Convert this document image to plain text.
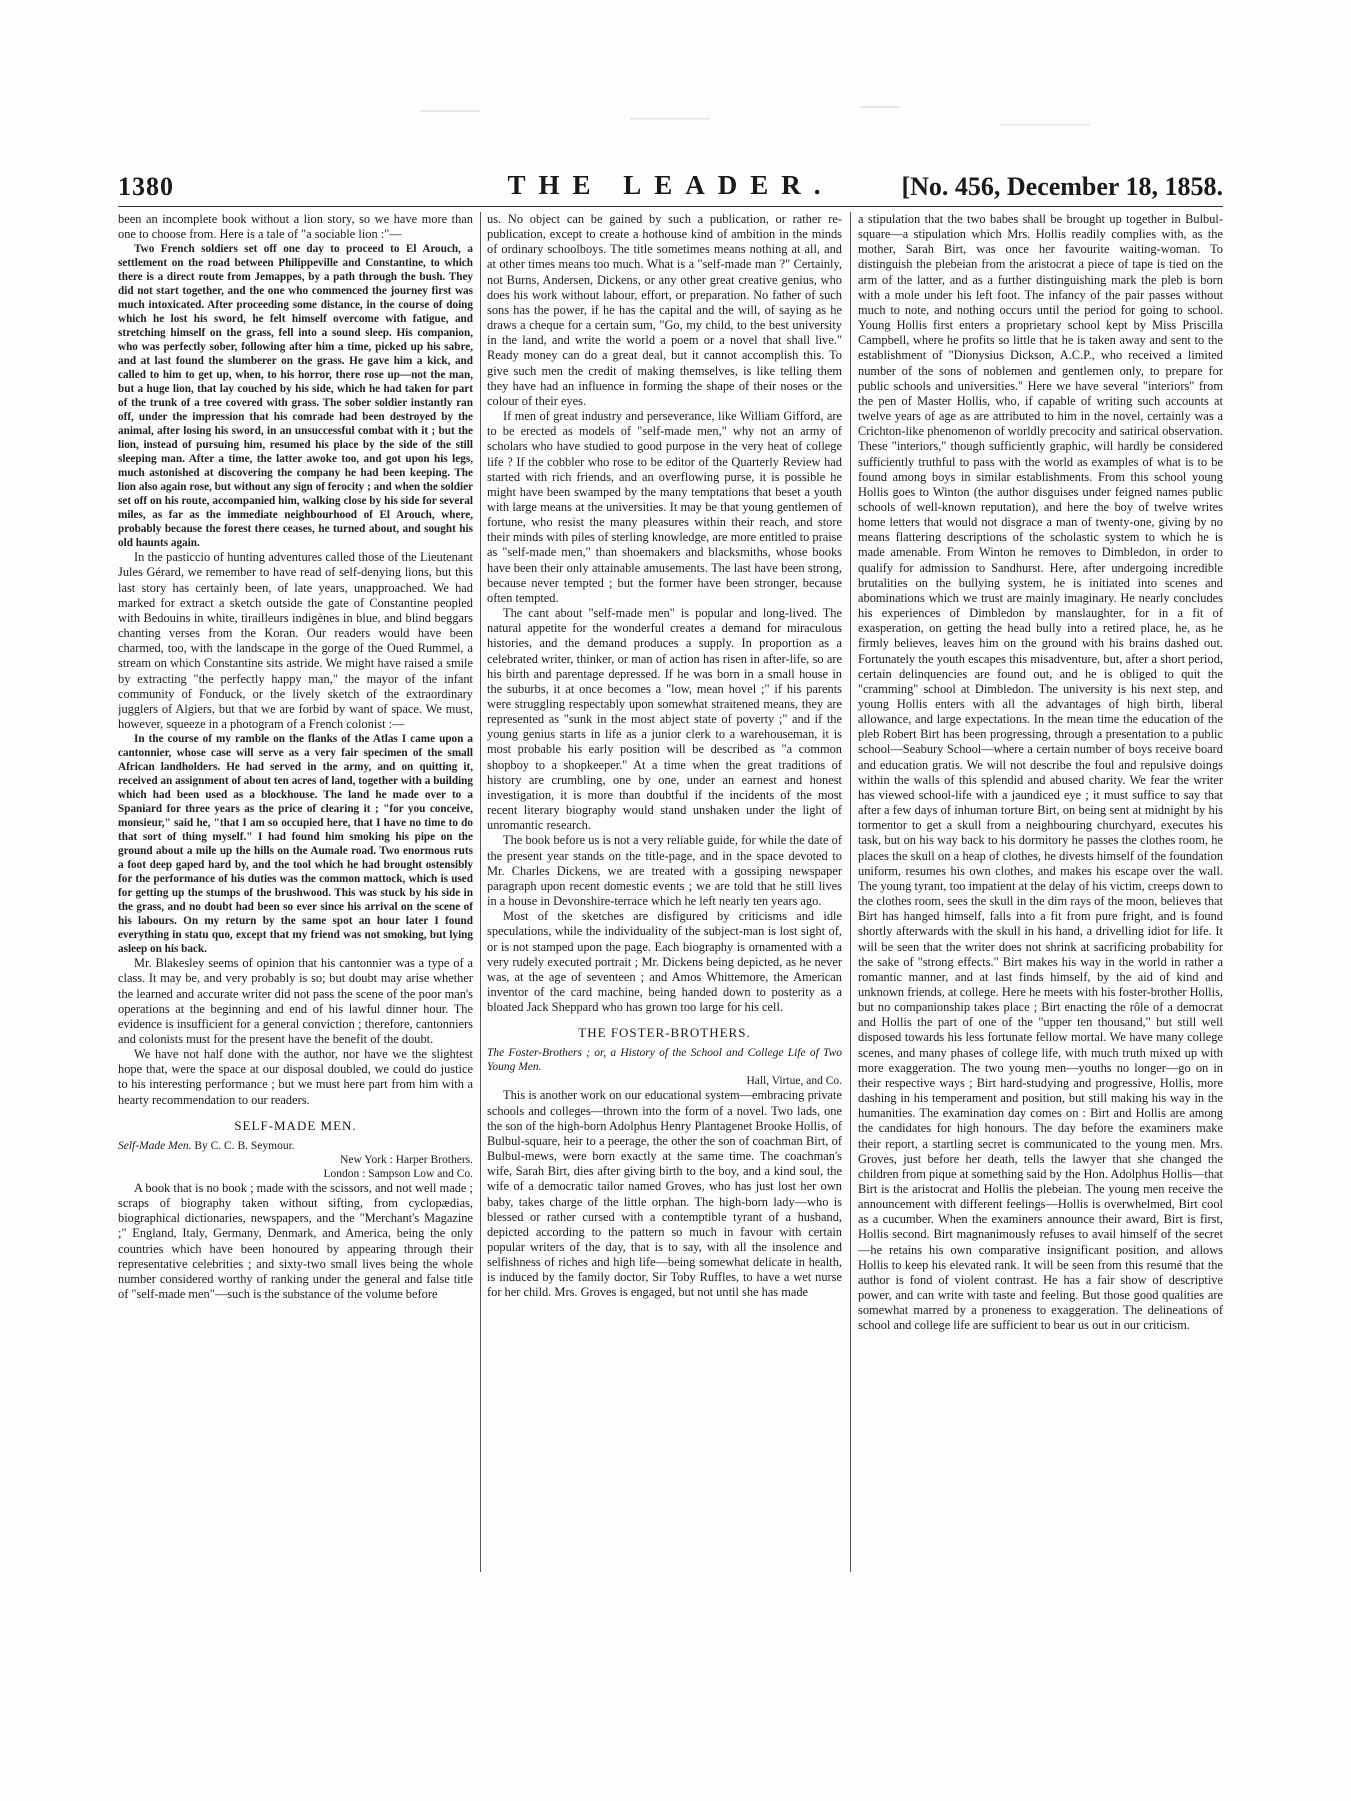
1380	THE LEADER.	[No. 456, December 18, 1858.

been an incomplete book without a lion story, so we have more than one to choose from. Here is a tale of "a sociable lion :"—

Two French soldiers set off one day to proceed to El Arouch, a settlement on the road between Philippeville and Constantine, to which there is a direct route from Jemappes, by a path through the bush. They did not start together, and the one who commenced the journey first was much intoxicated. After proceeding some distance, in the course of doing which he lost his sword, he felt himself overcome with fatigue, and stretching himself on the grass, fell into a sound sleep. His companion, who was perfectly sober, following after him a time, picked up his sabre, and at last found the slumberer on the grass. He gave him a kick, and called to him to get up, when, to his horror, there rose up—not the man, but a huge lion, that lay couched by his side, which he had taken for part of the trunk of a tree covered with grass. The sober soldier instantly ran off, under the impression that his comrade had been destroyed by the animal, after losing his sword, in an unsuccessful combat with it ; but the lion, instead of pursuing him, resumed his place by the side of the still sleeping man. After a time, the latter awoke too, and got upon his legs, much astonished at discovering the company he had been keeping. The lion also again rose, but without any sign of ferocity ; and when the soldier set off on his route, accompanied him, walking close by his side for several miles, as far as the immediate neighbourhood of El Arouch, where, probably because the forest there ceases, he turned about, and sought his old haunts again.

In the pasticcio of hunting adventures called those of the Lieutenant Jules Gérard, we remember to have read of self-denying lions, but this last story has certainly been, of late years, unapproached. We had marked for extract a sketch outside the gate of Constantine peopled with Bedouins in white, tirailleurs indigènes in blue, and blind beggars chanting verses from the Koran. Our readers would have been charmed, too, with the landscape in the gorge of the Oued Rummel, a stream on which Constantine sits astride. We might have raised a smile by extracting "the perfectly happy man," the mayor of the infant community of Fonduck, or the lively sketch of the extraordinary jugglers of Algiers, but that we are forbid by want of space. We must, however, squeeze in a photogram of a French colonist :—

In the course of my ramble on the flanks of the Atlas I came upon a cantonnier, whose case will serve as a very fair specimen of the small African landholders. He had served in the army, and on quitting it, received an assignment of about ten acres of land, together with a building which had been used as a blockhouse. The land he made over to a Spaniard for three years as the price of clearing it ; "for you conceive, monsieur," said he, "that I am so occupied here, that I have no time to do that sort of thing myself." I had found him smoking his pipe on the ground about a mile up the hills on the Aumale road. Two enormous ruts a foot deep gaped hard by, and the tool which he had brought ostensibly for the performance of his duties was the common mattock, which is used for getting up the stumps of the brushwood. This was stuck by his side in the grass, and no doubt had been so ever since his arrival on the scene of his labours. On my return by the same spot an hour later I found everything in statu quo, except that my friend was not smoking, but lying asleep on his back.

Mr. Blakesley seems of opinion that his cantonnier was a type of a class. It may be, and very probably is so; but doubt may arise whether the learned and accurate writer did not pass the scene of the poor man's operations at the beginning and end of his lawful dinner hour. The evidence is insufficient for a general conviction ; therefore, cantonniers and colonists must for the present have the benefit of the doubt.

We have not half done with the author, nor have we the slightest hope that, were the space at our disposal doubled, we could do justice to his interesting performance ; but we must here part from him with a hearty recommendation to our readers.

SELF-MADE MEN.
Self-Made Men. By C. C. B. Seymour.
New York : Harper Brothers.
London : Sampson Low and Co.

A book that is no book ; made with the scissors, and not well made ; scraps of biography taken without sifting, from cyclopædias, biographical dictionaries, newspapers, and the "Merchant's Magazine ;" England, Italy, Germany, Denmark, and America, being the only countries which have been honoured by appearing through their representative celebrities ; and sixty-two small lives being the whole number considered worthy of ranking under the general and false title of "self-made men"—such is the substance of the volume before

us. No object can be gained by such a publication, or rather re-publication, except to create a hothouse kind of ambition in the minds of ordinary schoolboys. The title sometimes means nothing at all, and at other times means too much. What is a "self-made man ?" Certainly, not Burns, Andersen, Dickens, or any other great creative genius, who does his work without labour, effort, or preparation. No father of such sons has the power, if he has the capital and the will, of saying as he draws a cheque for a certain sum, "Go, my child, to the best university in the land, and write the world a poem or a novel that shall live." Ready money can do a great deal, but it cannot accomplish this. To give such men the credit of making themselves, is like telling them they have had an influence in forming the shape of their noses or the colour of their eyes.

If men of great industry and perseverance, like William Gifford, are to be erected as models of "self-made men," why not an army of scholars who have studied to good purpose in the very heat of college life ? If the cobbler who rose to be editor of the Quarterly Review had started with rich friends, and an overflowing purse, it is possible he might have been swamped by the many temptations that beset a youth with large means at the universities. It may be that young gentlemen of fortune, who resist the many pleasures within their reach, and store their minds with piles of sterling knowledge, are more entitled to praise as "self-made men," than shoemakers and blacksmiths, whose books have been their only attainable amusements. The last have been strong, because never tempted ; but the former have been stronger, because often tempted.

The cant about "self-made men" is popular and long-lived. The natural appetite for the wonderful creates a demand for miraculous histories, and the demand produces a supply. In proportion as a celebrated writer, thinker, or man of action has risen in after-life, so are his birth and parentage depressed. If he was born in a small house in the suburbs, it at once becomes a "low, mean hovel ;" if his parents were struggling respectably upon somewhat straitened means, they are represented as "sunk in the most abject state of poverty ;" and if the young genius starts in life as a junior clerk to a warehouseman, it is most probable his early position will be described as "a common shopboy to a shopkeeper." At a time when the great traditions of history are crumbling, one by one, under an earnest and honest investigation, it is more than doubtful if the incidents of the most recent literary biography would stand unshaken under the light of unromantic research.

The book before us is not a very reliable guide, for while the date of the present year stands on the title-page, and in the space devoted to Mr. Charles Dickens, we are treated with a gossiping newspaper paragraph upon recent domestic events ; we are told that he still lives in a house in Devonshire-terrace which he left nearly ten years ago.

Most of the sketches are disfigured by criticisms and idle speculations, while the individuality of the subject-man is lost sight of, or is not stamped upon the page. Each biography is ornamented with a very rudely executed portrait ; Mr. Dickens being depicted, as he never was, at the age of seventeen ; and Amos Whittemore, the American inventor of the card machine, being handed down to posterity as a bloated Jack Sheppard who has grown too large for his cell.

THE FOSTER-BROTHERS.
The Foster-Brothers ; or, a History of the School and College Life of Two Young Men.
Hall, Virtue, and Co.

This is another work on our educational system—embracing private schools and colleges—thrown into the form of a novel. Two lads, one the son of the high-born Adolphus Henry Plantagenet Brooke Hollis, of Bulbul-square, heir to a peerage, the other the son of coachman Birt, of Bulbul-mews, were born exactly at the same time. The coachman's wife, Sarah Birt, dies after giving birth to the boy, and a kind soul, the wife of a democratic tailor named Groves, who has just lost her own baby, takes charge of the little orphan. The high-born lady—who is blessed or rather cursed with a contemptible tyrant of a husband, depicted according to the pattern so much in favour with certain popular writers of the day, that is to say, with all the insolence and selfishness of riches and high life—being somewhat delicate in health, is induced by the family doctor, Sir Toby Ruffles, to have a wet nurse for her child. Mrs. Groves is engaged, but not until she has made

a stipulation that the two babes shall be brought up together in Bulbul-square—a stipulation which Mrs. Hollis readily complies with, as the mother, Sarah Birt, was once her favourite waiting-woman. To distinguish the plebeian from the aristocrat a piece of tape is tied on the arm of the latter, and as a further distinguishing mark the pleb is born with a mole under his left foot. The infancy of the pair passes without much to note, and nothing occurs until the period for going to school. Young Hollis first enters a proprietary school kept by Miss Priscilla Campbell, where he profits so little that he is taken away and sent to the establishment of "Dionysius Dickson, A.C.P., who received a limited number of the sons of noblemen and gentlemen only, to prepare for public schools and universities." Here we have several "interiors" from the pen of Master Hollis, who, if capable of writing such accounts at twelve years of age as are attributed to him in the novel, certainly was a Crichton-like phenomenon of worldly precocity and satirical observation. These "interiors," though sufficiently graphic, will hardly be considered sufficiently truthful to pass with the world as examples of what is to be found among boys in similar establishments. From this school young Hollis goes to Winton (the author disguises under feigned names public schools of well-known reputation), and here the boy of twelve writes home letters that would not disgrace a man of twenty-one, giving by no means flattering descriptions of the scholastic system to which he is made amenable. From Winton he removes to Dimbledon, in order to qualify for admission to Sandhurst. Here, after undergoing incredible brutalities on the bullying system, he is initiated into scenes and abominations which we trust are mainly imaginary. He nearly concludes his experiences of Dimbledon by manslaughter, for in a fit of exasperation, on getting the head bully into a retired place, he, as he firmly believes, leaves him on the ground with his brains dashed out. Fortunately the youth escapes this misadventure, but, after a short period, certain delinquencies are found out, and he is obliged to quit the "cramming" school at Dimbledon. The university is his next step, and young Hollis enters with all the advantages of high birth, liberal allowance, and large expectations. In the mean time the education of the pleb Robert Birt has been progressing, through a presentation to a public school—Seabury School—where a certain number of boys receive board and education gratis. We will not describe the foul and repulsive doings within the walls of this splendid and abused charity. We fear the writer has viewed school-life with a jaundiced eye ; it must suffice to say that after a few days of inhuman torture Birt, on being sent at midnight by his tormentor to get a skull from a neighbouring churchyard, executes his task, but on his way back to his dormitory he passes the clothes room, he places the skull on a heap of clothes, he divests himself of the foundation uniform, resumes his own clothes, and makes his escape over the wall. The young tyrant, too impatient at the delay of his victim, creeps down to the clothes room, sees the skull in the dim rays of the moon, believes that Birt has hanged himself, falls into a fit from pure fright, and is found shortly afterwards with the skull in his hand, a drivelling idiot for life. It will be seen that the writer does not shrink at sacrificing probability for the sake of "strong effects." Birt makes his way in the world in rather a romantic manner, and at last finds himself, by the aid of kind and unknown friends, at college. Here he meets with his foster-brother Hollis, but no companionship takes place ; Birt enacting the rôle of a democrat and Hollis the part of one of the "upper ten thousand," but still well disposed towards his less fortunate fellow mortal. We have many college scenes, and many phases of college life, with much truth mixed up with more exaggeration. The two young men—youths no longer—go on in their respective ways ; Birt hard-studying and progressive, Hollis, more dashing in his temperament and position, but still making his way in the humanities. The examination day comes on : Birt and Hollis are among the candidates for high honours. The day before the examiners make their report, a startling secret is communicated to the young men. Mrs. Groves, just before her death, tells the lawyer that she changed the children from pique at something said by the Hon. Adolphus Hollis—that Birt is the aristocrat and Hollis the plebeian. The young men receive the announcement with different feelings—Hollis is overwhelmed, Birt cool as a cucumber. When the examiners announce their award, Birt is first, Hollis second. Birt magnanimously refuses to avail himself of the secret—he retains his own comparative insignificant position, and allows Hollis to keep his elevated rank. It will be seen from this resumé that the author is fond of violent contrast. He has a fair show of descriptive power, and can write with taste and feeling. But those good qualities are somewhat marred by a proneness to exaggeration. The delineations of school and college life are sufficient to bear us out in our criticism.
